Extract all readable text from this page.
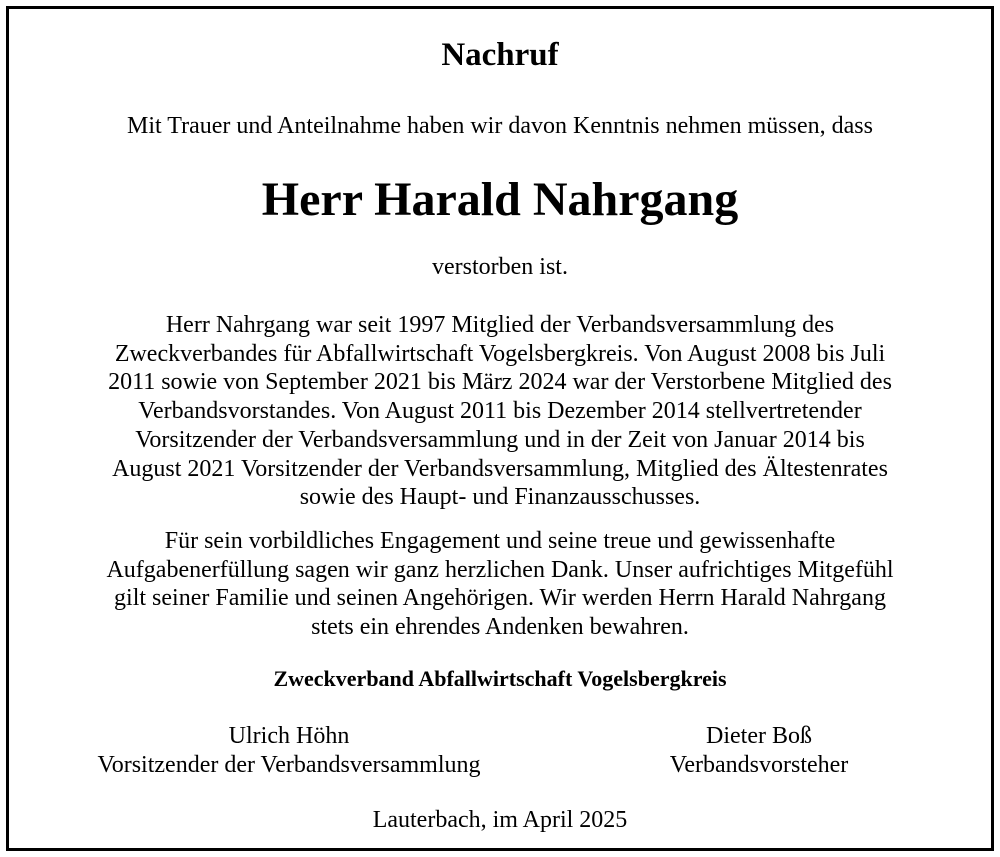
Nachruf
Mit Trauer und Anteilnahme haben wir davon Kenntnis nehmen müssen, dass
Herr Harald Nahrgang
verstorben ist.
Herr Nahrgang war seit 1997 Mitglied der Verbandsversammlung des
Zweckverbandes für Abfallwirtschaft Vogelsbergkreis. Von August 2008 bis Juli
2011 sowie von September 2021 bis März 2024 war der Verstorbene Mitglied des
Verbandsvorstandes. Von August 2011 bis Dezember 2014 stellvertretender
Vorsitzender der Verbandsversammlung und in der Zeit von Januar 2014 bis
August 2021 Vorsitzender der Verbandsversammlung, Mitglied des Ältestenrates
sowie des Haupt- und Finanzausschusses.
Für sein vorbildliches Engagement und seine treue und gewissenhafte
Aufgabenerfüllung sagen wir ganz herzlichen Dank. Unser aufrichtiges Mitgefühl
gilt seiner Familie und seinen Angehörigen. Wir werden Herrn Harald Nahrgang
stets ein ehrendes Andenken bewahren.
Zweckverband Abfallwirtschaft Vogelsbergkreis
Ulrich Höhn
Vorsitzender der Verbandsversammlung
Dieter Boß
Verbandsvorsteher
Lauterbach, im April 2025
